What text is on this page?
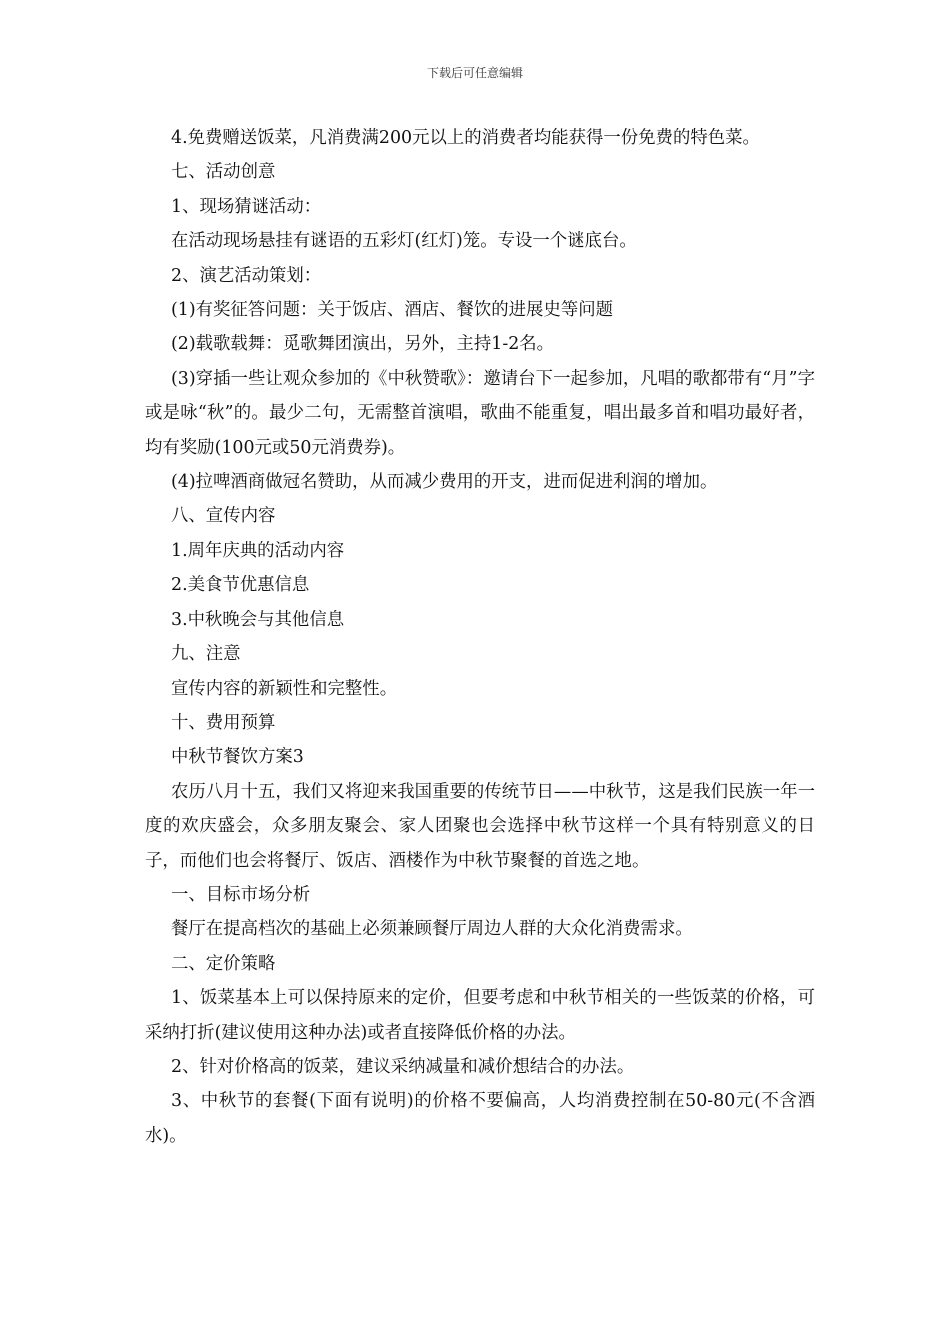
下载后可任意编辑

4.免费赠送饭菜，凡消费满200元以上的消费者均能获得一份免费的特色菜。

七、活动创意

1、现场猜谜活动：

在活动现场悬挂有谜语的五彩灯(红灯)笼。专设一个谜底台。

2、演艺活动策划：

(1)有奖征答问题：关于饭店、酒店、餐饮的进展史等问题

(2)载歌载舞：觅歌舞团演出，另外，主持1-2名。

(3)穿插一些让观众参加的《中秋赞歌》：邀请台下一起参加，凡唱的歌都带有“月”字或是咏“秋”的。最少二句，无需整首演唱，歌曲不能重复，唱出最多首和唱功最好者，均有奖励(100元或50元消费券)。

(4)拉啤酒商做冠名赞助，从而减少费用的开支，进而促进利润的增加。

八、宣传内容

1.周年庆典的活动内容

2.美食节优惠信息

3.中秋晚会与其他信息

九、注意

宣传内容的新颖性和完整性。

十、费用预算

中秋节餐饮方案3

农历八月十五，我们又将迎来我国重要的传统节日——中秋节，这是我们民族一年一度的欢庆盛会，众多朋友聚会、家人团聚也会选择中秋节这样一个具有特别意义的日子，而他们也会将餐厅、饭店、酒楼作为中秋节聚餐的首选之地。

一、目标市场分析

餐厅在提高档次的基础上必须兼顾餐厅周边人群的大众化消费需求。

二、定价策略

1、饭菜基本上可以保持原来的定价，但要考虑和中秋节相关的一些饭菜的价格，可采纳打折(建议使用这种办法)或者直接降低价格的办法。

2、针对价格高的饭菜，建议采纳减量和减价想结合的办法。

3、中秋节的套餐(下面有说明)的价格不要偏高，人均消费控制在50-80元(不含酒水)。
